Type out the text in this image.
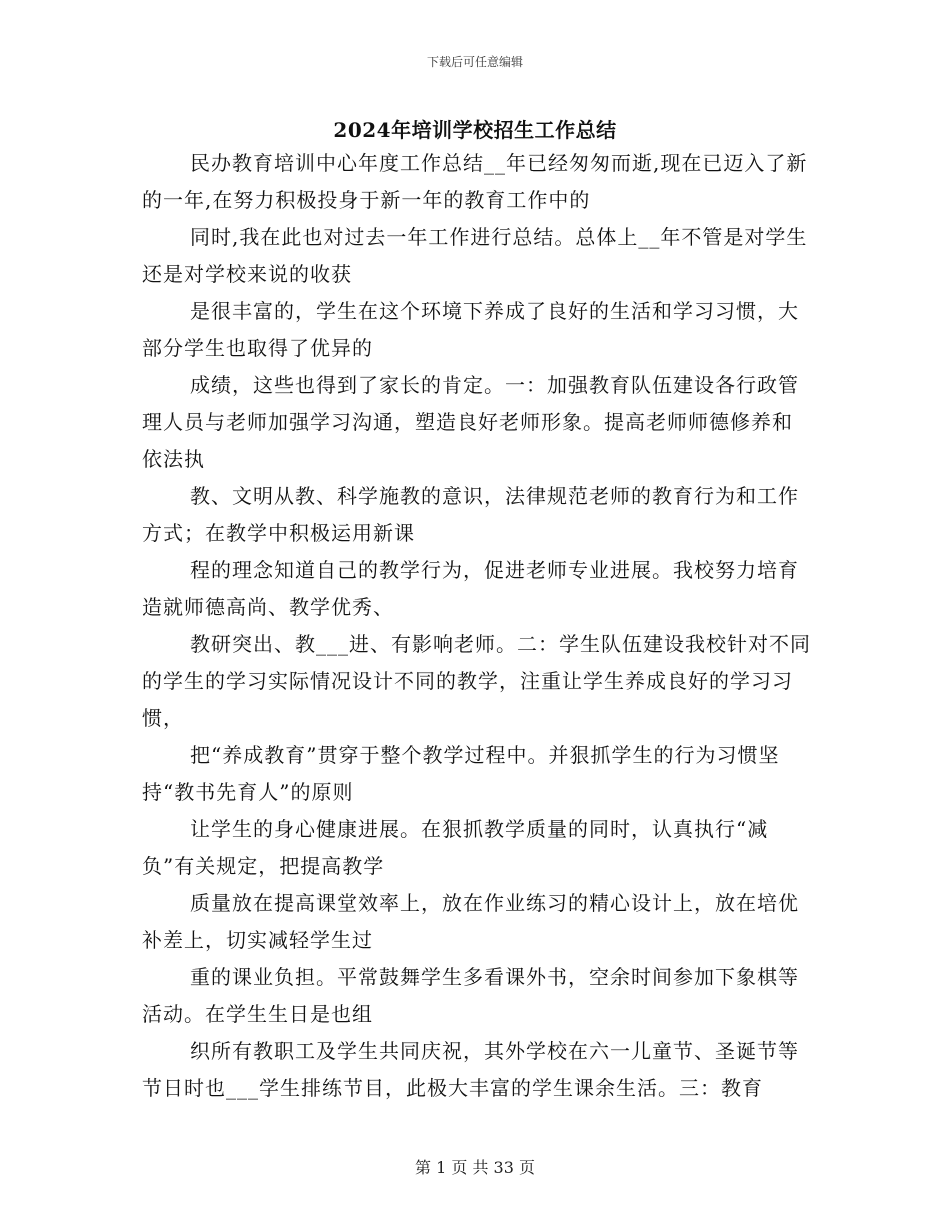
下载后可任意编辑
2024年培训学校招生工作总结

民办教育培训中心年度工作总结__年已经匆匆而逝,现在已迈入了新的一年,在努力积极投身于新一年的教育工作中的

同时,我在此也对过去一年工作进行总结。总体上__年不管是对学生还是对学校来说的收获

是很丰富的，学生在这个环境下养成了良好的生活和学习习惯，大部分学生也取得了优异的

成绩，这些也得到了家长的肯定。一：加强教育队伍建设各行政管理人员与老师加强学习沟通，塑造良好老师形象。提高老师师德修养和依法执

教、文明从教、科学施教的意识，法律规范老师的教育行为和工作方式；在教学中积极运用新课

程的理念知道自己的教学行为，促进老师专业进展。我校努力培育造就师德高尚、教学优秀、

教研突出、教___进、有影响老师。二：学生队伍建设我校针对不同的学生的学习实际情况设计不同的教学，注重让学生养成良好的学习习惯，

把“养成教育”贯穿于整个教学过程中。并狠抓学生的行为习惯坚持“教书先育人”的原则

让学生的身心健康进展。在狠抓教学质量的同时，认真执行“减负”有关规定，把提高教学

质量放在提高课堂效率上，放在作业练习的精心设计上，放在培优补差上，切实减轻学生过

重的课业负担。平常鼓舞学生多看课外书，空余时间参加下象棋等活动。在学生生日是也组

织所有教职工及学生共同庆祝，其外学校在六一儿童节、圣诞节等节日时也___学生排练节目，此极大丰富的学生课余生活。三：教育

第 1 页 共 33 页
